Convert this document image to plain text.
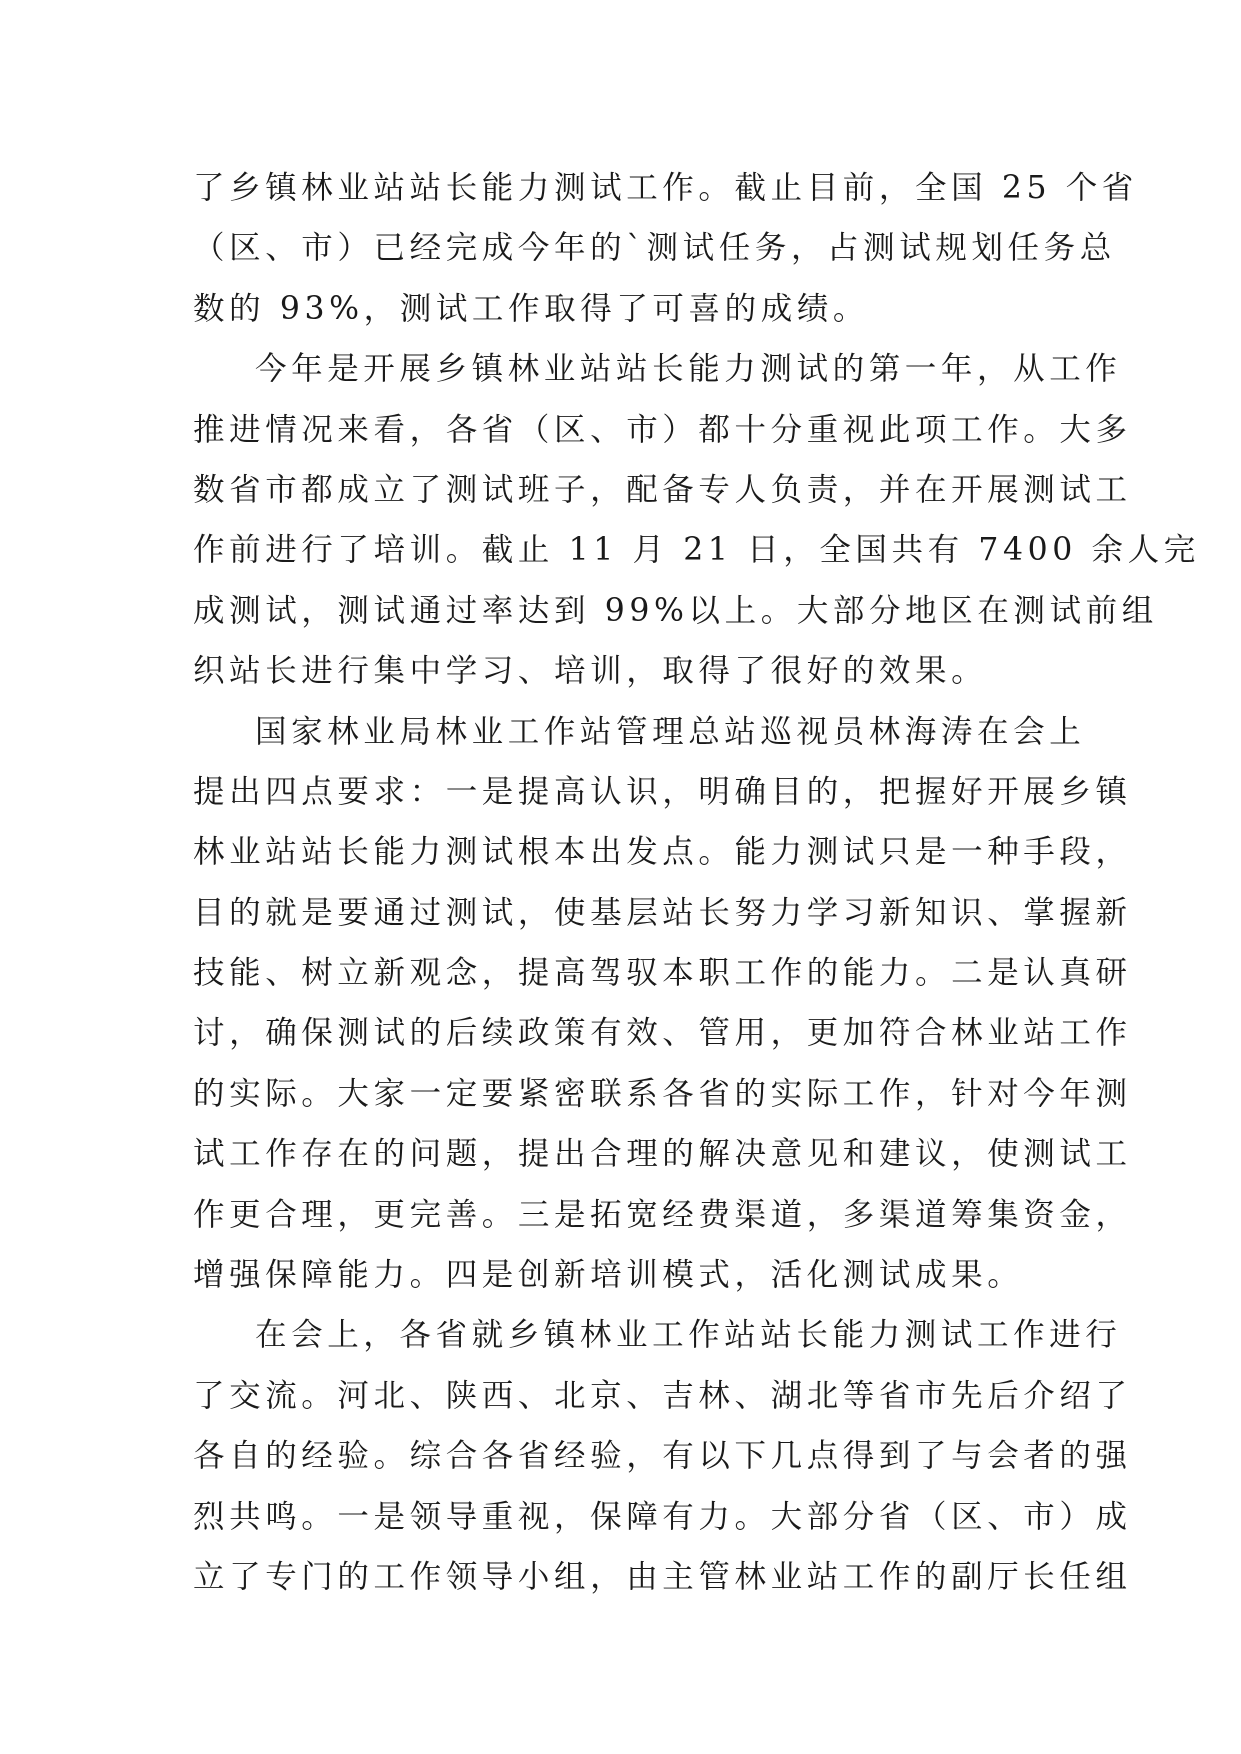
了乡镇林业站站长能力测试工作。截止目前，全国 25 个省
（区、市）已经完成今年的`测试任务，占测试规划任务总
数的 93%，测试工作取得了可喜的成绩。
今年是开展乡镇林业站站长能力测试的第一年，从工作
推进情况来看，各省（区、市）都十分重视此项工作。大多
数省市都成立了测试班子，配备专人负责，并在开展测试工
作前进行了培训。截止 11 月 21 日，全国共有 7400 余人完
成测试，测试通过率达到 99%以上。大部分地区在测试前组
织站长进行集中学习、培训，取得了很好的效果。
国家林业局林业工作站管理总站巡视员林海涛在会上
提出四点要求：一是提高认识，明确目的，把握好开展乡镇
林业站站长能力测试根本出发点。能力测试只是一种手段，
目的就是要通过测试，使基层站长努力学习新知识、掌握新
技能、树立新观念，提高驾驭本职工作的能力。二是认真研
讨，确保测试的后续政策有效、管用，更加符合林业站工作
的实际。大家一定要紧密联系各省的实际工作，针对今年测
试工作存在的问题，提出合理的解决意见和建议，使测试工
作更合理，更完善。三是拓宽经费渠道，多渠道筹集资金，
增强保障能力。四是创新培训模式，活化测试成果。
在会上，各省就乡镇林业工作站站长能力测试工作进行
了交流。河北、陕西、北京、吉林、湖北等省市先后介绍了
各自的经验。综合各省经验，有以下几点得到了与会者的强
烈共鸣。一是领导重视，保障有力。大部分省（区、市）成
立了专门的工作领导小组，由主管林业站工作的副厅长任组
